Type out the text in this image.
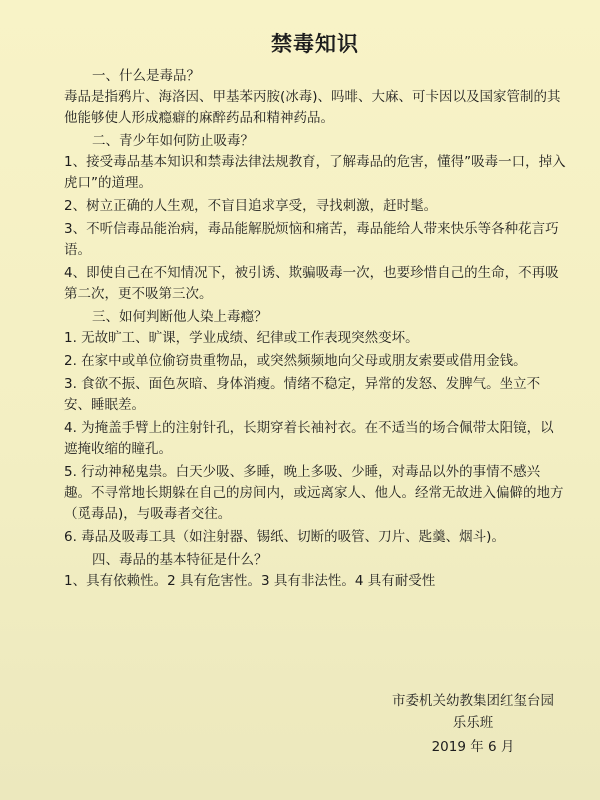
禁毒知识
一、什么是毒品？

毒品是指鸦片、海洛因、甲基苯丙胺(冰毒)、吗啡、大麻、可卡因以及国家管制的其他能够使人形成瘾癖的麻醉药品和精神药品。

二、青少年如何防止吸毒？

1、接受毒品基本知识和禁毒法律法规教育，了解毒品的危害，懂得”吸毒一口，掉入虎口”的道理。

2、树立正确的人生观，不盲目追求享受，寻找刺激，赶时髦。

3、不听信毒品能治病，毒品能解脱烦恼和痛苦，毒品能给人带来快乐等各种花言巧语。

4、即使自己在不知情况下，被引诱、欺骗吸毒一次，也要珍惜自己的生命，不再吸第二次，更不吸第三次。

三、如何判断他人染上毒瘾？

1. 无故旷工、旷课，学业成绩、纪律或工作表现突然变坏。

2. 在家中或单位偷窃贵重物品，或突然频频地向父母或朋友索要或借用金钱。

3. 食欲不振、面色灰暗、身体消瘦。情绪不稳定，异常的发怒、发脾气。坐立不安、睡眠差。

4. 为掩盖手臂上的注射针孔，长期穿着长袖衬衣。在不适当的场合佩带太阳镜，以遮掩收缩的瞳孔。

5. 行动神秘鬼祟。白天少吸、多睡，晚上多吸、少睡，对毒品以外的事情不感兴趣。不寻常地长期躲在自己的房间内，或远离家人、他人。经常无故进入偏僻的地方（觅毒品)，与吸毒者交往。

6. 毒品及吸毒工具（如注射器、锡纸、切断的吸管、刀片、匙羹、烟斗)。

四、毒品的基本特征是什么？

1、具有依赖性。2 具有危害性。3 具有非法性。4 具有耐受性

市委机关幼教集团红玺台园
乐乐班
2019 年 6 月
